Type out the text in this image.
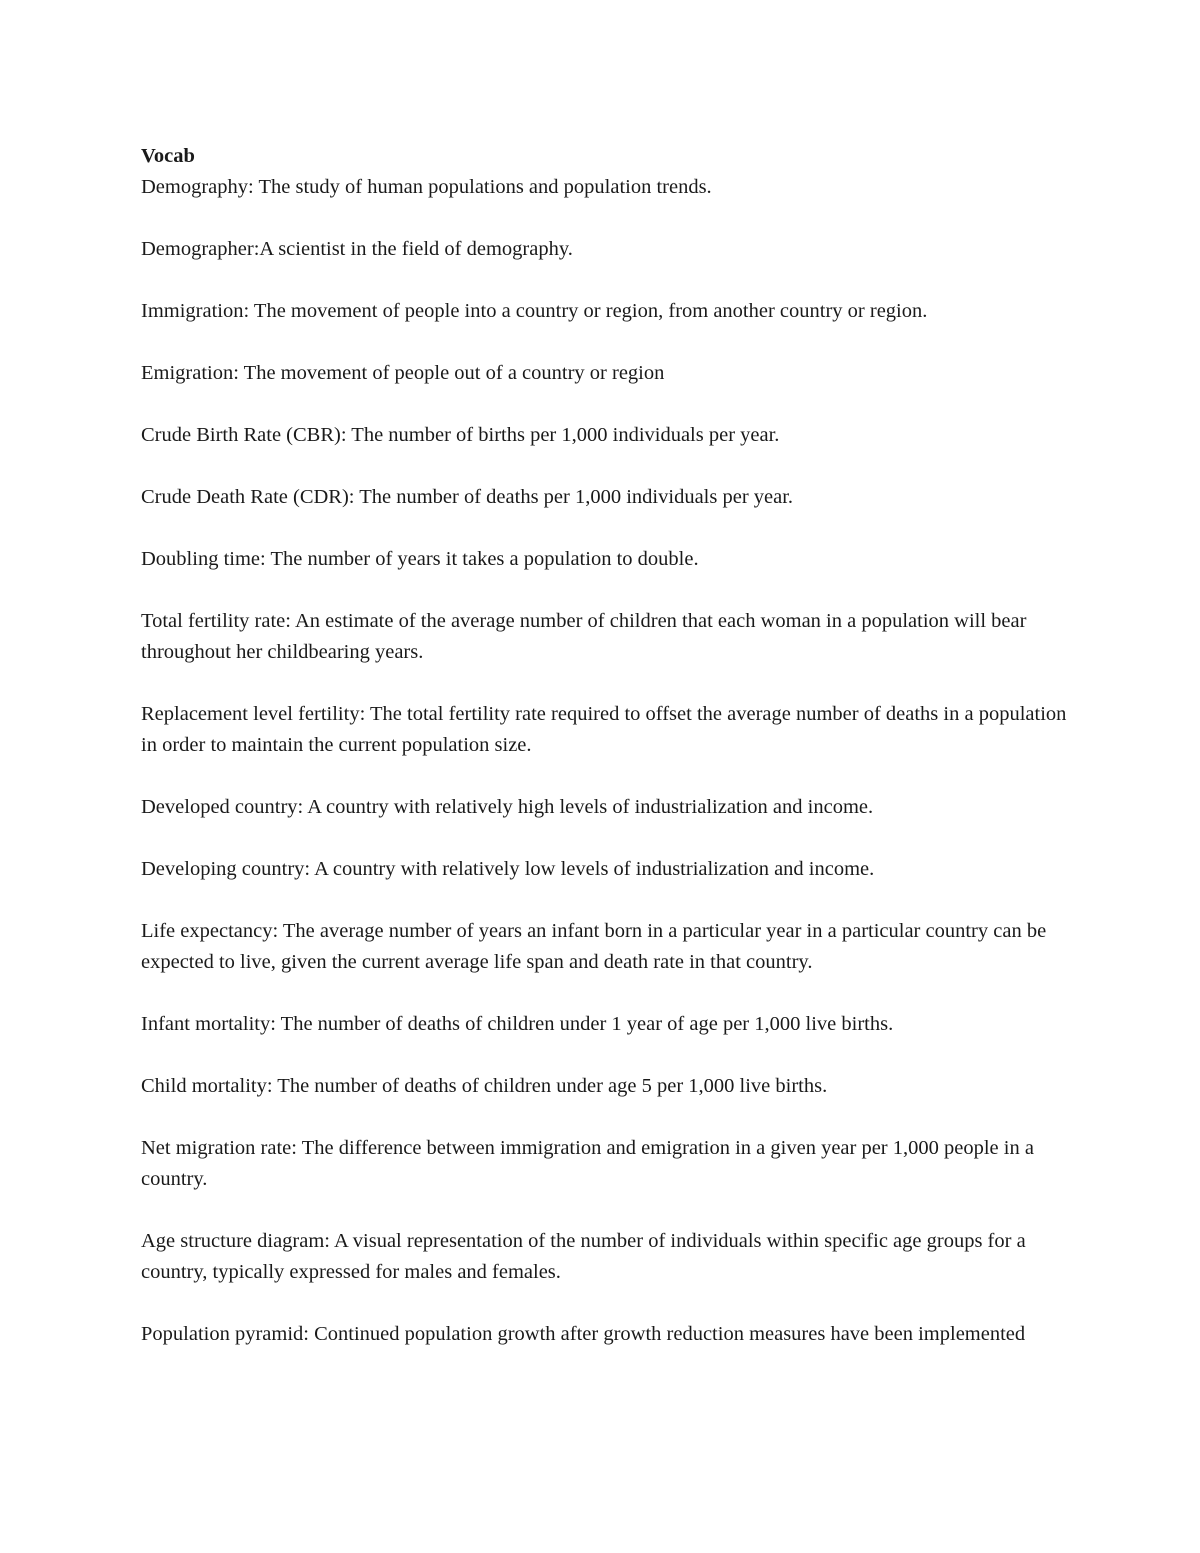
Vocab

Demography: The study of human populations and population trends.

Demographer:A scientist in the field of demography.

Immigration: The movement of people into a country or region, from another country or region.

Emigration: The movement of people out of a country or region

Crude Birth Rate (CBR): The number of births per 1,000 individuals per year.

Crude Death Rate (CDR): The number of deaths per 1,000 individuals per year.

Doubling time: The number of years it takes a population to double.

Total fertility rate: An estimate of the average number of children that each woman in a population will bear throughout her childbearing years.

Replacement level fertility: The total fertility rate required to offset the average number of deaths in a population in order to maintain the current population size.

Developed country: A country with relatively high levels of industrialization and income.

Developing country: A country with relatively low levels of industrialization and income.

Life expectancy: The average number of years an infant born in a particular year in a particular country can be expected to live, given the current average life span and death rate in that country.

Infant mortality: The number of deaths of children under 1 year of age per 1,000 live births.

Child mortality: The number of deaths of children under age 5 per 1,000 live births.

Net migration rate: The difference between immigration and emigration in a given year per 1,000 people in a country.

Age structure diagram: A visual representation of the number of individuals within specific age groups for a country, typically expressed for males and females.

Population pyramid: Continued population growth after growth reduction measures have been implemented
